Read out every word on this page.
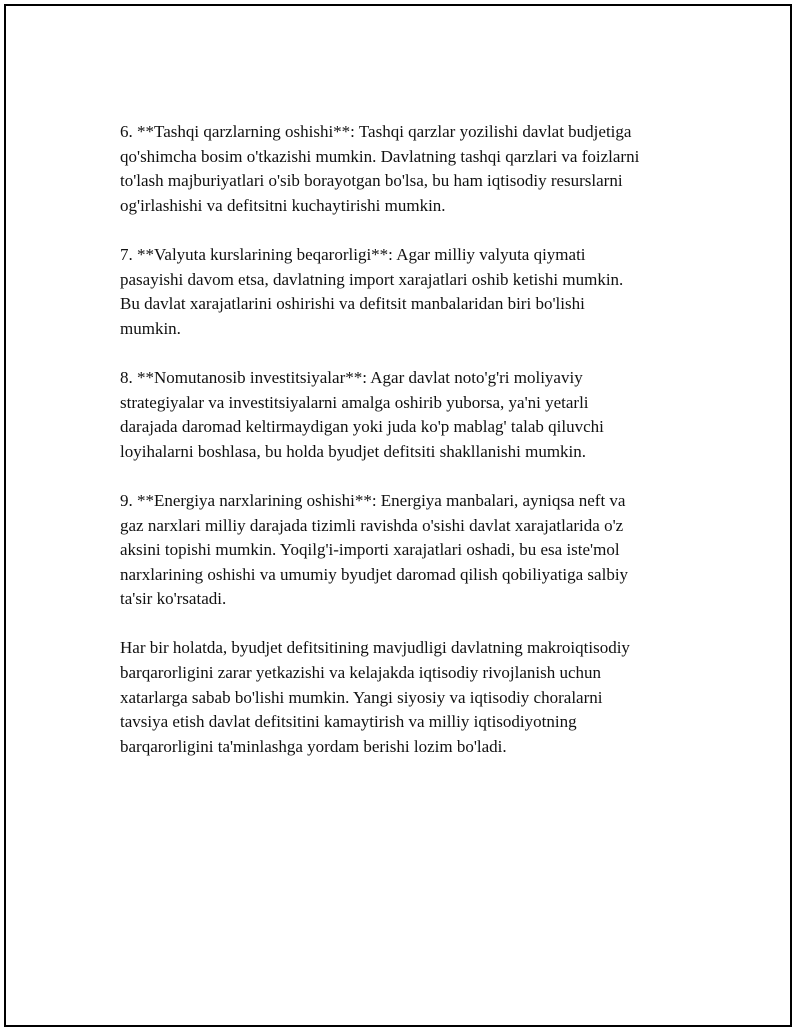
6. **Tashqi qarzlarning oshishi**: Tashqi qarzlar yozilishi davlat budjetiga
qo'shimcha bosim o'tkazishi mumkin. Davlatning tashqi qarzlari va foizlarni
to'lash majburiyatlari o'sib borayotgan bo'lsa, bu ham iqtisodiy resurslarni
og'irlashishi va defitsitni kuchaytirishi mumkin.

7. **Valyuta kurslarining beqarorligi**: Agar milliy valyuta qiymati
pasayishi davom etsa, davlatning import xarajatlari oshib ketishi mumkin.
Bu davlat xarajatlarini oshirishi va defitsit manbalaridan biri bo'lishi
mumkin.

8. **Nomutanosib investitsiyalar**: Agar davlat noto'g'ri moliyaviy
strategiyalar va investitsiyalarni amalga oshirib yuborsa, ya'ni yetarli
darajada daromad keltirmaydigan yoki juda ko'p mablag' talab qiluvchi
loyihalarni boshlasa, bu holda byudjet defitsiti shakllanishi mumkin.

9. **Energiya narxlarining oshishi**: Energiya manbalari, ayniqsa neft va
gaz narxlari milliy darajada tizimli ravishda o'sishi davlat xarajatlarida o'z
aksini topishi mumkin. Yoqilg'i-importi xarajatlari oshadi, bu esa iste'mol
narxlarining oshishi va umumiy byudjet daromad qilish qobiliyatiga salbiy
ta'sir ko'rsatadi.

Har bir holatda, byudjet defitsitining mavjudligi davlatning makroiqtisodiy
barqarorligini zarar yetkazishi va kelajakda iqtisodiy rivojlanish uchun
xatarlarga sabab bo'lishi mumkin. Yangi siyosiy va iqtisodiy choralarni
tavsiya etish davlat defitsitini kamaytirish va milliy iqtisodiyotning
barqarorligini ta'minlashga yordam berishi lozim bo'ladi.
